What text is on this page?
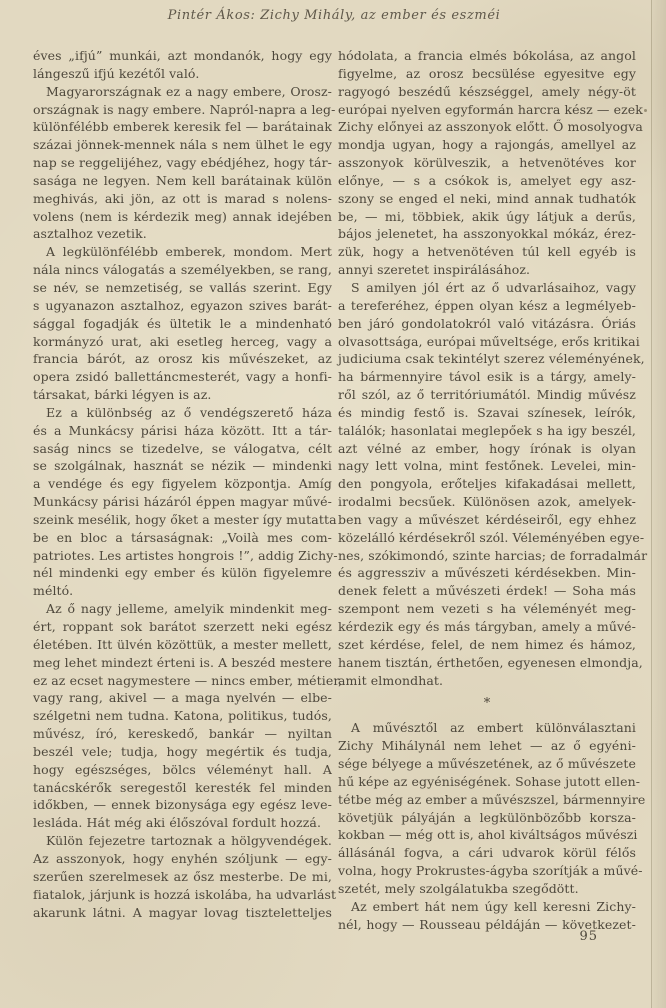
Pintér Ákos: Zichy Mihály, az ember és eszméi
éves „ifjú” munkái, azt mondanók, hogy egy
lángeszű ifjú kezétől való.
Magyarországnak ez a nagy embere, Orosz-
országnak is nagy embere. Napról-napra a leg-
különfélébb emberek keresik fel — barátainak
százai jönnek-mennek nála s nem ülhet le egy
nap se reggelijéhez, vagy ebédjéhez, hogy tár-
sasága ne legyen. Nem kell barátainak külön
meghivás, aki jön, az ott is marad s nolens-
volens (nem is kérdezik meg) annak idejében
asztalhoz vezetik.
A legkülönfélébb emberek, mondom. Mert
nála nincs válogatás a személyekben, se rang,
se név, se nemzetiség, se vallás szerint. Egy
s ugyanazon asztalhoz, egyazon szives barát-
sággal fogadják és ültetik le a mindenható
kormányzó urat, aki esetleg herceg, vagy a
francia bárót, az orosz kis művészeket, az
opera zsidó ballettáncmesterét, vagy a honfi-
társakat, bárki légyen is az.
Ez a különbség az ő vendégszerető háza
és a Munkácsy párisi háza között. Itt a tár-
saság nincs se tizedelve, se válogatva, célt
se szolgálnak, hasznát se nézik — mindenki
a vendége és egy figyelem központja. Amíg
Munkácsy párisi házáról éppen magyar művé-
szeink mesélik, hogy őket a mester így mutatta
be en bloc a társaságnak: „Voilà mes com-
patriotes. Les artistes hongrois !”, addig Zichy-
nél mindenki egy ember és külön figyelemre
méltó.
Az ő nagy jelleme, amelyik mindenkit meg-
ért, roppant sok barátot szerzett neki egész
életében. Itt ülvén közöttük, a mester mellett,
meg lehet mindezt érteni is. A beszéd mestere
ez az ecset nagymestere — nincs ember, métier,
vagy rang, akivel — a maga nyelvén — elbe-
szélgetni nem tudna. Katona, politikus, tudós,
művész, író, kereskedő, bankár — nyiltan
beszél vele; tudja, hogy megértik és tudja,
hogy egészséges, bölcs véleményt hall. A
tanácskérők seregestől keresték fel minden
időkben, — ennek bizonysága egy egész leve-
lesláda. Hát még aki élőszóval fordult hozzá.
Külön fejezetre tartoznak a hölgyvendégek.
Az asszonyok, hogy enyhén szóljunk — egy-
szerűen szerelmesek az ősz mesterbe. De mi,
fiatalok, járjunk is hozzá iskolába, ha udvarlást
akarunk látni. A magyar lovag tiszteletteljes
hódolata, a francia elmés bókolása, az angol
figyelme, az orosz becsülése egyesitve egy
ragyogó beszédű készséggel, amely négy-öt
európai nyelven egyformán harcra kész — ezek
Zichy előnyei az asszonyok előtt. Ő mosolyogva
mondja ugyan, hogy a rajongás, amellyel az
asszonyok körülveszik, a hetvenötéves kor
előnye, — s a csókok is, amelyet egy asz-
szony se enged el neki, mind annak tudhatók
be, — mi, többiek, akik úgy látjuk a derűs,
bájos jelenetet, ha asszonyokkal mókáz, érez-
zük, hogy a hetvenötéven túl kell egyéb is
annyi szeretet inspirálásához.
S amilyen jól ért az ő udvarlásaihoz, vagy
a tereferéhez, éppen olyan kész a legmélyeb-
ben járó gondolatokról való vitázásra. Óriás
olvasottsága, európai műveltsége, erős kritikai
judiciuma csak tekintélyt szerez véleményének,
ha bármennyire távol esik is a tárgy, amely-
ről szól, az ő territóriumától. Mindig művész
és mindig festő is. Szavai színesek, leírók,
találók; hasonlatai meglepőek s ha igy beszél,
azt vélné az ember, hogy írónak is olyan
nagy lett volna, mint festőnek. Levelei, min-
den pongyola, erőteljes kifakadásai mellett,
irodalmi becsűek. Különösen azok, amelyek-
ben vagy a művészet kérdéseiről, egy ehhez
közelálló kérdésekről szól. Véleményében egye-
nes, szókimondó, szinte harcias; de forradalmár
és aggressziv a művészeti kérdésekben. Min-
denek felett a művészeti érdek! — Soha más
szempont nem vezeti s ha véleményét meg-
kérdezik egy és más tárgyban, amely a művé-
szet kérdése, felel, de nem himez és hámoz,
hanem tisztán, érthetően, egyenesen elmondja,
amit elmondhat.
*
A művésztől az embert különválasztani
Zichy Mihálynál nem lehet — az ő egyéni-
sége bélyege a művészetének, az ő művészete
hű képe az egyéniségének. Sohase jutott ellen-
tétbe még az ember a művészszel, bármennyire
követjük pályáján a legkülönbözőbb korsza-
kokban — még ott is, ahol kiváltságos művészi
állásánál fogva, a cári udvarok körül félős
volna, hogy Prokrustes-ágyba szorítják a művé-
szetét, mely szolgálatukba szegődött.
Az embert hát nem úgy kell keresni Zichy-
nél, hogy — Rousseau példáján — következet-
95
